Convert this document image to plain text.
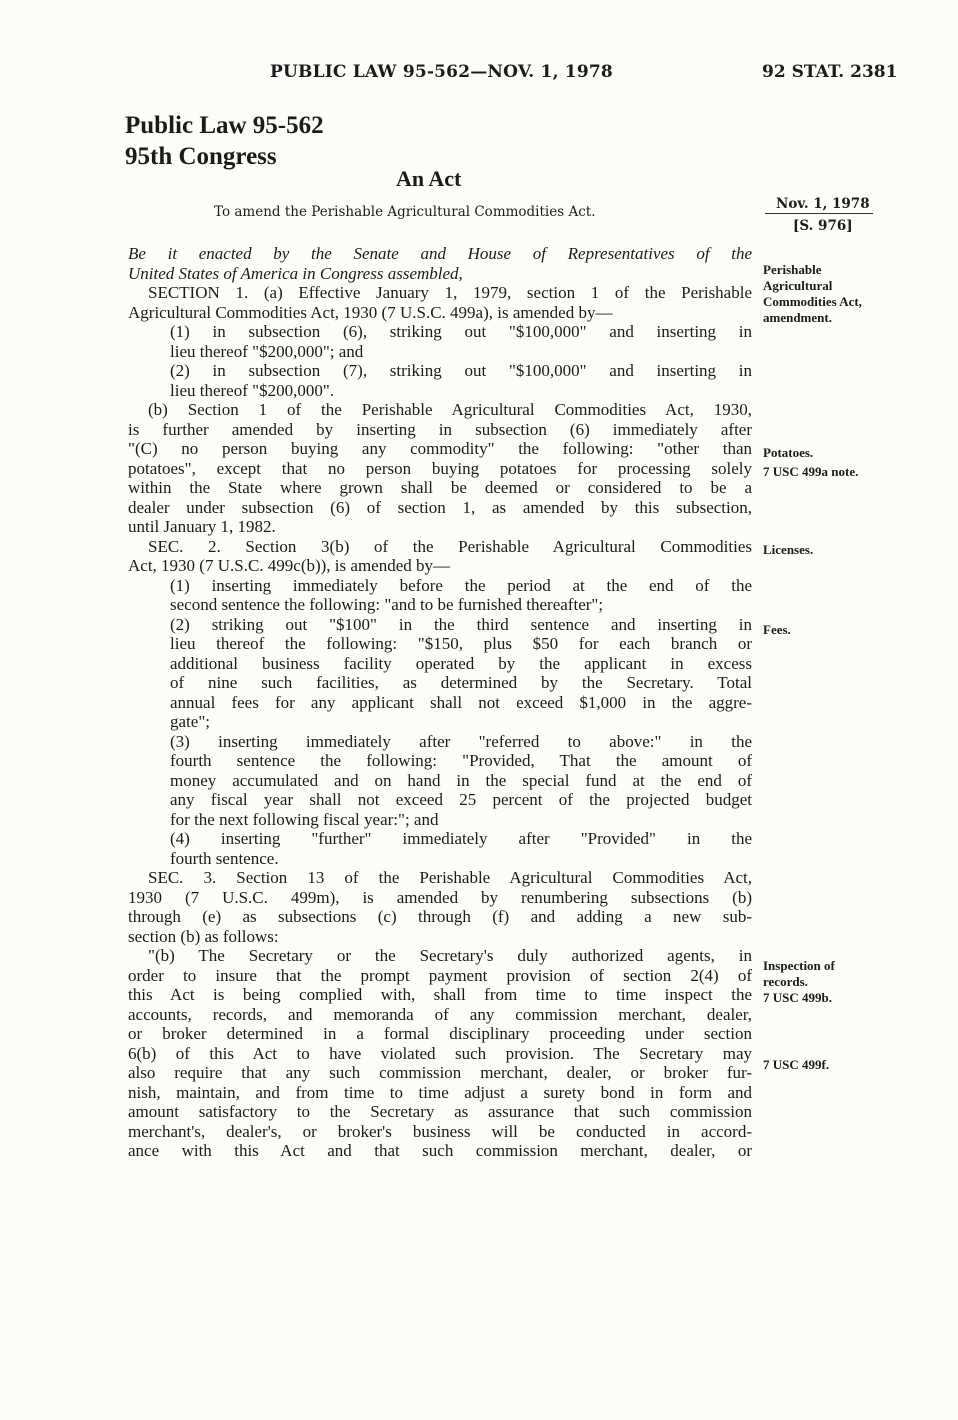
PUBLIC LAW 95-562—NOV. 1, 1978	92 STAT. 2381
Public Law 95-562
95th Congress
An Act
To amend the Perishable Agricultural Commodities Act.	Nov. 1, 1978
[S. 976]
Be it enacted by the Senate and House of Representatives of the
United States of America in Congress assembled,
SECTION 1. (a) Effective January 1, 1979, section 1 of the Perishable
Agricultural Commodities Act, 1930 (7 U.S.C. 499a), is amended by—
(1) in subsection (6), striking out "$100,000" and inserting in
lieu thereof "$200,000"; and
(2) in subsection (7), striking out "$100,000" and inserting in
lieu thereof "$200,000".
(b) Section 1 of the Perishable Agricultural Commodities Act, 1930,
is further amended by inserting in subsection (6) immediately after
"(C) no person buying any commodity" the following: "other than
potatoes", except that no person buying potatoes for processing solely
within the State where grown shall be deemed or considered to be a
dealer under subsection (6) of section 1, as amended by this subsection,
until January 1, 1982.
SEC. 2. Section 3(b) of the Perishable Agricultural Commodities
Act, 1930 (7 U.S.C. 499c(b)), is amended by—
(1) inserting immediately before the period at the end of the
second sentence the following: "and to be furnished thereafter";
(2) striking out "$100" in the third sentence and inserting in
lieu thereof the following: "$150, plus $50 for each branch or
additional business facility operated by the applicant in excess
of nine such facilities, as determined by the Secretary. Total
annual fees for any applicant shall not exceed $1,000 in the aggre-
gate";
(3) inserting immediately after "referred to above:" in the
fourth sentence the following: "Provided, That the amount of
money accumulated and on hand in the special fund at the end of
any fiscal year shall not exceed 25 percent of the projected budget
for the next following fiscal year:"; and
(4) inserting "further" immediately after "Provided" in the
fourth sentence.
SEC. 3. Section 13 of the Perishable Agricultural Commodities Act,
1930 (7 U.S.C. 499m), is amended by renumbering subsections (b)
through (e) as subsections (c) through (f) and adding a new sub-
section (b) as follows:
"(b) The Secretary or the Secretary's duly authorized agents, in
order to insure that the prompt payment provision of section 2(4) of
this Act is being complied with, shall from time to time inspect the
accounts, records, and memoranda of any commission merchant, dealer,
or broker determined in a formal disciplinary proceeding under section
6(b) of this Act to have violated such provision. The Secretary may
also require that any such commission merchant, dealer, or broker fur-
nish, maintain, and from time to time adjust a surety bond in form and
amount satisfactory to the Secretary as assurance that such commission
merchant's, dealer's, or broker's business will be conducted in accord-
ance with this Act and that such commission merchant, dealer, or
Perishable
Agricultural
Commodities Act,
amendment.
Potatoes.
7 USC 499a note.
Licenses.
Fees.
Inspection of
records.
7 USC 499b.
7 USC 499f.
